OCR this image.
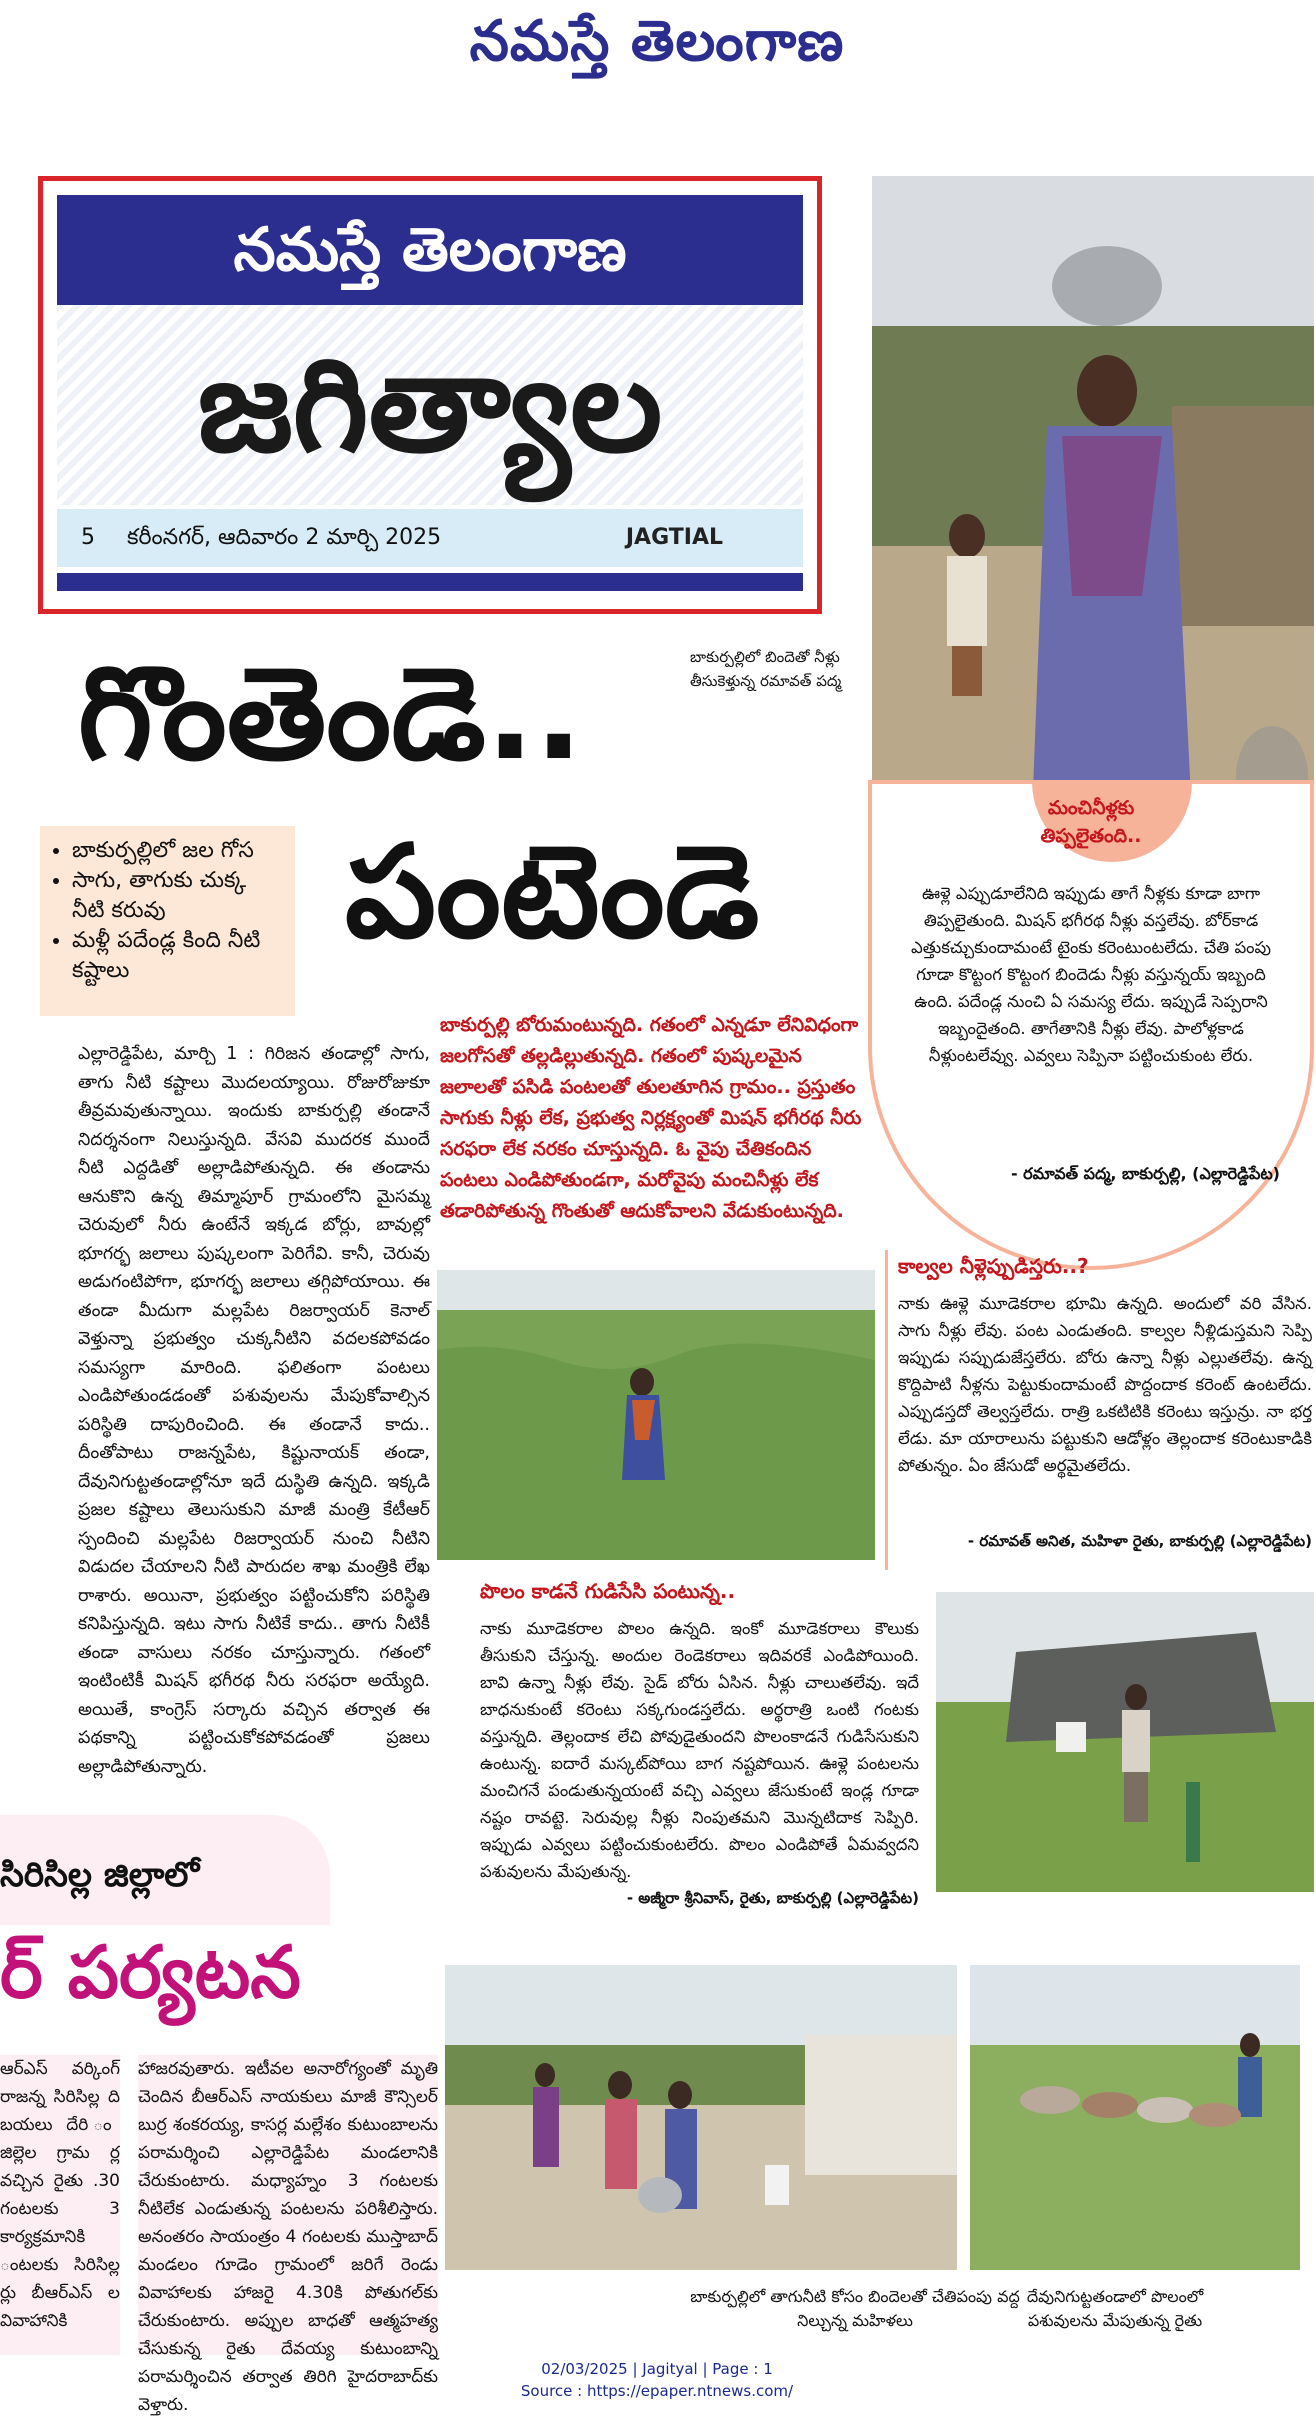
నమస్తే తెలంగాణ
నమస్తే తెలంగాణ
జగిత్యాల
5 కరీంనగర్, ఆదివారం 2 మార్చి 2025	JAGTIAL
బాకుర్పల్లిలో బిందెతో నీళ్లు తీసుకెళ్తున్న రమావత్ పద్మ
గొంతెండె..
పంటెండె
• బాకుర్పల్లిలో జల గోస
• సాగు, తాగుకు చుక్క నీటి కరువు
• మళ్లీ పదేండ్ల కింది నీటి కష్టాలు
ఎల్లారెడ్డిపేట, మార్చి 1 : గిరిజన తండాల్లో సాగు, తాగు నీటి కష్టాలు మొదలయ్యాయి. రోజురోజుకూ తీవ్రమవుతున్నాయి. ఇందుకు బాకుర్పల్లి తండానే నిదర్శనంగా నిలుస్తున్నది. వేసవి ముదరక ముందే నీటి ఎద్దడితో అల్లాడిపోతున్నది. ఈ తండాను ఆనుకొని ఉన్న తిమ్మాపూర్ గ్రామంలోని మైసమ్మ చెరువులో నీరు ఉంటేనే ఇక్కడ బోర్లు, బావుల్లో భూగర్భ జలాలు పుష్కలంగా పెరిగేవి. కానీ, చెరువు అడుగంటిపోగా, భూగర్భ జలాలు తగ్గిపోయాయి. ఈ తండా మీదుగా మల్లపేట రిజర్వాయర్ కెనాల్ వెళ్తున్నా ప్రభుత్వం చుక్కనీటిని వదలకపోవడం సమస్యగా మారింది. ఫలితంగా పంటలు ఎండిపోతుండడంతో పశువులను మేపుకోవాల్సిన పరిస్థితి దాపురించింది. ఈ తండానే కాదు.. దీంతోపాటు రాజన్నపేట, కిష్టునాయక్ తండా, దేవునిగుట్టతండాల్లోనూ ఇదే దుస్థితి ఉన్నది. ఇక్కడి ప్రజల కష్టాలు తెలుసుకుని మాజీ మంత్రి కేటీఆర్ స్పందించి మల్లపేట రిజర్వాయర్ నుంచి నీటిని విడుదల చేయాలని నీటి పారుదల శాఖ మంత్రికి లేఖ రాశారు. అయినా, ప్రభుత్వం పట్టించుకోని పరిస్థితి కనిపిస్తున్నది. ఇటు సాగు నీటికే కాదు.. తాగు నీటికీ తండా వాసులు నరకం చూస్తున్నారు. గతంలో ఇంటింటికీ మిషన్ భగీరథ నీరు సరఫరా అయ్యేది. అయితే, కాంగ్రెస్ సర్కారు వచ్చిన తర్వాత ఈ పథకాన్ని పట్టించుకోకపోవడంతో ప్రజలు అల్లాడిపోతున్నారు.
బాకుర్పల్లి బోరుమంటున్నది. గతంలో ఎన్నడూ లేనివిధంగా జలగోసతో తల్లడిల్లుతున్నది. గతంలో పుష్కలమైన జలాలతో పసిడి పంటలతో తులతూగిన గ్రామం.. ప్రస్తుతం సాగుకు నీళ్లు లేక, ప్రభుత్వ నిర్లక్ష్యంతో మిషన్ భగీరథ నీరు సరఫరా లేక నరకం చూస్తున్నది. ఓ వైపు చేతికందిన పంటలు ఎండిపోతుండగా, మరోవైపు మంచినీళ్లు లేక తడారిపోతున్న గొంతుతో ఆదుకోవాలని వేడుకుంటున్నది.
మంచినీళ్లకు తిప్పలైతంది..
ఊళ్లె ఎప్పుడూలేనిది ఇప్పుడు తాగే నీళ్లకు కూడా బాగా తిప్పలైతుంది. మిషన్ భగీరథ నీళ్లు వస్తలేవు. బోర్‌కాడ ఎత్తుకచ్చుకుందామంటే టైంకు కరెంటుంటలేదు. చేతి పంపు గూడా కొట్టంగ కొట్టంగ బిందెడు నీళ్లు వస్తున్నయ్ ఇబ్బంది ఉంది. పదేండ్ల నుంచి ఏ సమస్య లేదు. ఇప్పుడే సెప్పరాని ఇబ్బందైతంది. తాగేతానికి నీళ్లు లేవు. పాలోళ్లకాడ నీళ్లుంటలేవ్వు. ఎవ్వలు సెప్పినా పట్టించుకుంట లేరు.
- రమావత్ పద్మ, బాకుర్పల్లి, (ఎల్లారెడ్డిపేట)
కాల్వల నీళ్లెప్పుడిస్తరు..?
నాకు ఊళ్లె మూడెకరాల భూమి ఉన్నది. అందులో వరి వేసిన. సాగు నీళ్లు లేవు. పంట ఎండుతంది. కాల్వల నీళ్లిడుస్తమని సెప్పి ఇప్పుడు సప్పుడుజేస్తలేరు. బోరు ఉన్నా నీళ్లు ఎల్లుతలేవు. ఉన్న కొద్దిపాటి నీళ్లను పెట్టుకుందామంటే పొద్దందాక కరెంట్ ఉంటలేదు. ఎప్పుడస్తదో తెల్వస్తలేదు. రాత్రి ఒకటిటికి కరెంటు ఇస్తున్రు. నా భర్త లేడు. మా యారాలును పట్టుకుని ఆడోళ్లం తెల్లందాక కరెంటుకాడికి పోతున్నం. ఏం జేసుడో అర్థమైతలేదు.
- రమావత్ అనిత, మహిళా రైతు, బాకుర్పల్లి (ఎల్లారెడ్డిపేట)
పొలం కాడనే గుడిసేసి పంటున్న..
నాకు మూడెకరాల పొలం ఉన్నది. ఇంకో మూడెకరాలు కౌలుకు తీసుకుని చేస్తున్న. అందుల రెండెకరాలు ఇదివరకే ఎండిపోయింది. బావి ఉన్నా నీళ్లు లేవు. సైడ్ బోరు ఏసిన. నీళ్లు చాలుతలేవు. ఇదే బాధనుకుంటే కరెంటు సక్కగుండస్తలేదు. అర్థరాత్రి ఒంటి గంటకు వస్తున్నది. తెల్లందాక లేచి పోవుడైతుందని పొలంకాడనే గుడిసేసుకుని ఉంటున్న. ఐదారే మస్కట్‌పోయి బాగ నష్టపోయిన. ఊళ్లె పంటలను మంచిగనే పండుతున్నయంటే వచ్చి ఎవ్వలు జేసుకుంటే ఇండ్ల గూడా నష్టం రావట్టె. సెరువుల్ల నీళ్లు నింపుతమని మొన్నటిదాక సెప్పిరి. ఇప్పుడు ఎవ్వలు పట్టించుకుంటలేరు. పొలం ఎండిపోతే ఏమవ్వదని పశువులను మేపుతున్న.
- అజ్మీరా శ్రీనివాస్, రైతు, బాకుర్పల్లి (ఎల్లారెడ్డిపేట)
సిరిసిల్ల జిల్లాలో
ర్ పర్యటన
ఆర్ఎస్ వర్కింగ్ రాజన్న సిరిసిల్ల ది బయలు దేరి ం జిల్లెల గ్రామ ర్ల వచ్చిన రైతు .30 గంటలకు 3 కార్యక్రమానికి ంటలకు సిరిసిల్ల ర్లు బీఆర్ఎస్ ల వివాహానికి
హాజరవుతారు. ఇటీవల అనారోగ్యంతో మృతి చెందిన బీఆర్ఎస్ నాయకులు మాజీ కౌన్సిలర్ బుర్ర శంకరయ్య, కాసర్ల మల్లేశం కుటుంబాలను పరామర్శించి ఎల్లారెడ్డిపేట మండలానికి చేరుకుంటారు. మధ్యాహ్నం 3 గంటలకు నీటిలేక ఎండుతున్న పంటలను పరిశీలిస్తారు. అనంతరం సాయంత్రం 4 గంటలకు ముస్తాబాద్ మండలం గూడెం గ్రామంలో జరిగే రెండు వివాహాలకు హాజరై 4.30కి పోతుగల్‌కు చేరుకుంటారు. అప్పుల బాధతో ఆత్మహత్య చేసుకున్న రైతు దేవయ్య కుటుంబాన్ని పరామర్శించిన తర్వాత తిరిగి హైదరాబాద్‌కు వెళ్తారు.
బాకుర్పల్లిలో తాగునీటి కోసం బిందెలతో చేతిపంపు వద్ద నిల్చున్న మహిళలు
దేవునిగుట్టతండాలో పొలంలో పశువులను మేపుతున్న రైతు
02/03/2025 | Jagityal | Page : 1
Source : https://epaper.ntnews.com/
